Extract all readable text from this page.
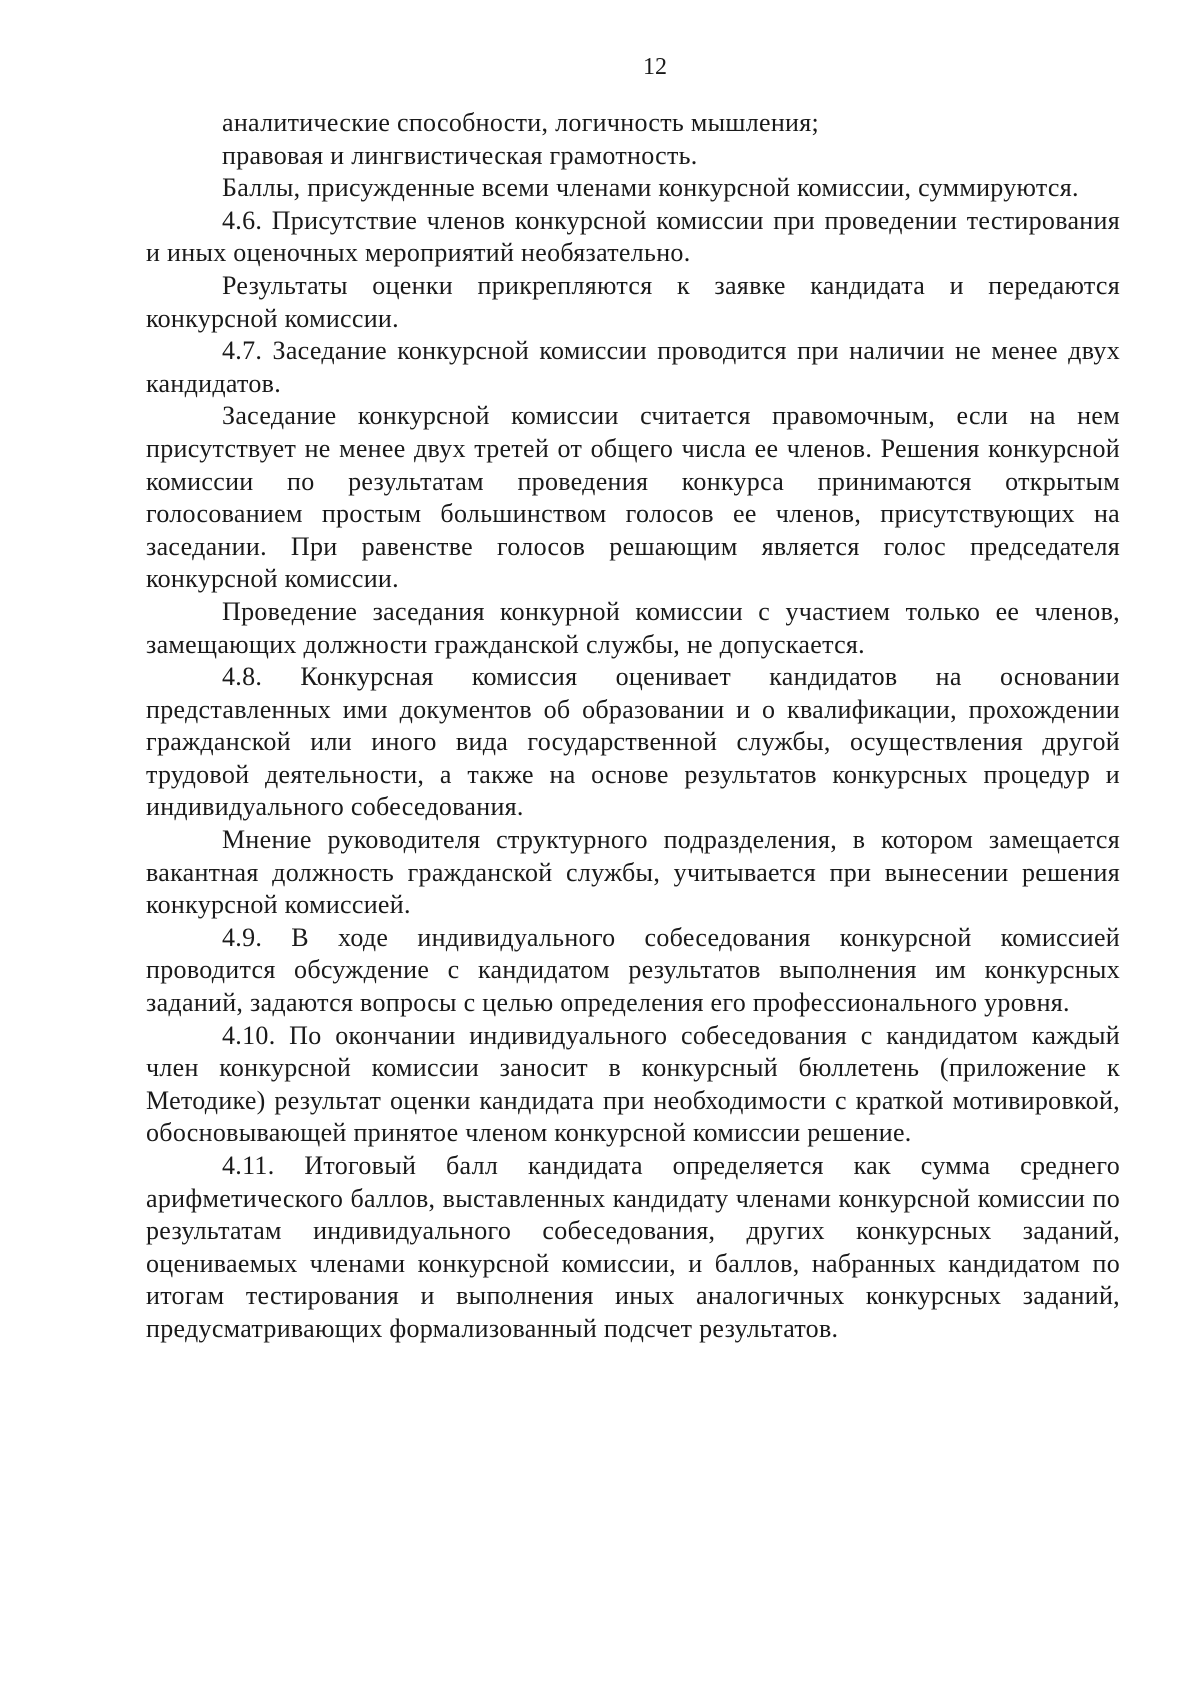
12

аналитические способности, логичность мышления;

правовая и лингвистическая грамотность.

Баллы, присужденные всеми членами конкурсной комиссии, суммируются.

4.6. Присутствие членов конкурсной комиссии при проведении тестирования и иных оценочных мероприятий необязательно.

Результаты оценки прикрепляются к заявке кандидата и передаются конкурсной комиссии.

4.7. Заседание конкурсной комиссии проводится при наличии не менее двух кандидатов.

Заседание конкурсной комиссии считается правомочным, если на нем присутствует не менее двух третей от общего числа ее членов. Решения конкурсной комиссии по результатам проведения конкурса принимаются открытым голосованием простым большинством голосов ее членов, присутствующих на заседании. При равенстве голосов решающим является голос председателя конкурсной комиссии.

Проведение заседания конкурной комиссии с участием только ее членов, замещающих должности гражданской службы, не допускается.

4.8. Конкурсная комиссия оценивает кандидатов на основании представленных ими документов об образовании и о квалификации, прохождении гражданской или иного вида государственной службы, осуществления другой трудовой деятельности, а также на основе результатов конкурсных процедур и индивидуального собеседования.

Мнение руководителя структурного подразделения, в котором замещается вакантная должность гражданской службы, учитывается при вынесении решения конкурсной комиссией.

4.9. В ходе индивидуального собеседования конкурсной комиссией проводится обсуждение с кандидатом результатов выполнения им конкурсных заданий, задаются вопросы с целью определения его профессионального уровня.

4.10. По окончании индивидуального собеседования с кандидатом каждый член конкурсной комиссии заносит в конкурсный бюллетень (приложение к Методике) результат оценки кандидата при необходимости с краткой мотивировкой, обосновывающей принятое членом конкурсной комиссии решение.

4.11. Итоговый балл кандидата определяется как сумма среднего арифметического баллов, выставленных кандидату членами конкурсной комиссии по результатам индивидуального собеседования, других конкурсных заданий, оцениваемых членами конкурсной комиссии, и баллов, набранных кандидатом по итогам тестирования и выполнения иных аналогичных конкурсных заданий, предусматривающих формализованный подсчет результатов.
